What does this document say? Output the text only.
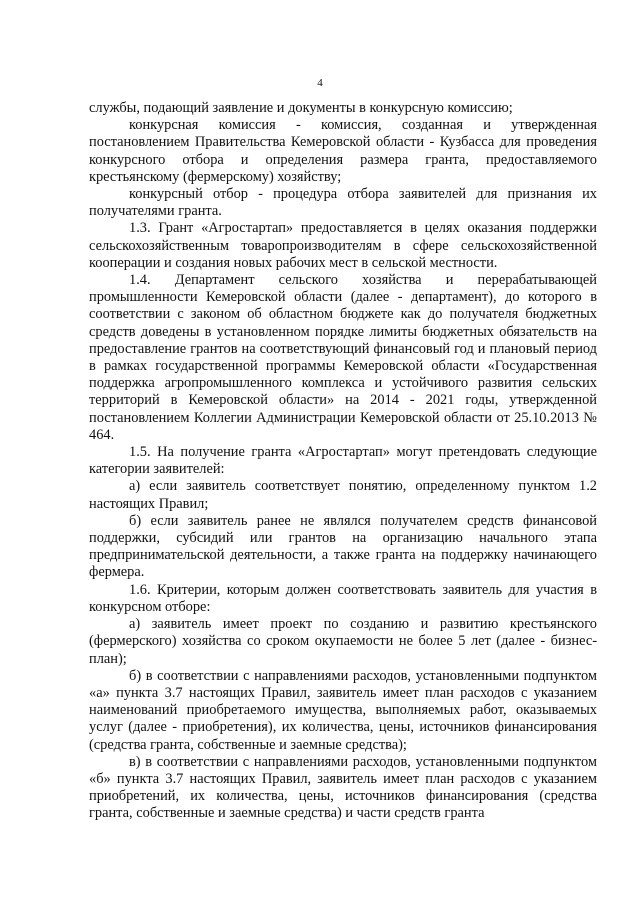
4

службы, подающий заявление и документы в конкурсную комиссию;

конкурсная комиссия - комиссия, созданная и утвержденная постановлением Правительства Кемеровской области - Кузбасса для проведения конкурсного отбора и определения размера гранта, предоставляемого крестьянскому (фермерскому) хозяйству;

конкурсный отбор - процедура отбора заявителей для признания их получателями гранта.

1.3. Грант «Агростартап» предоставляется в целях оказания поддержки сельскохозяйственным товаропроизводителям в сфере сельскохозяйственной кооперации и создания новых рабочих мест в сельской местности.

1.4. Департамент сельского хозяйства и перерабатывающей промышленности Кемеровской области (далее - департамент), до которого в соответствии с законом об областном бюджете как до получателя бюджетных средств доведены в установленном порядке лимиты бюджетных обязательств на предоставление грантов на соответствующий финансовый год и плановый период в рамках государственной программы Кемеровской области «Государственная поддержка агропромышленного комплекса и устойчивого развития сельских территорий в Кемеровской области» на 2014 - 2021 годы, утвержденной постановлением Коллегии Администрации Кемеровской области от 25.10.2013 № 464.

1.5. На получение гранта «Агростартап» могут претендовать следующие категории заявителей:

а) если заявитель соответствует понятию, определенному пунктом 1.2 настоящих Правил;

б) если заявитель ранее не являлся получателем средств финансовой поддержки, субсидий или грантов на организацию начального этапа предпринимательской деятельности, а также гранта на поддержку начинающего фермера.

1.6. Критерии, которым должен соответствовать заявитель для участия в конкурсном отборе:

а) заявитель имеет проект по созданию и развитию крестьянского (фермерского) хозяйства со сроком окупаемости не более 5 лет (далее - бизнес-план);

б) в соответствии с направлениями расходов, установленными подпунктом «а» пункта 3.7 настоящих Правил, заявитель имеет план расходов с указанием наименований приобретаемого имущества, выполняемых работ, оказываемых услуг (далее - приобретения), их количества, цены, источников финансирования (средства гранта, собственные и заемные средства);

в) в соответствии с направлениями расходов, установленными подпунктом «б» пункта 3.7 настоящих Правил, заявитель имеет план расходов с указанием приобретений, их количества, цены, источников финансирования (средства гранта, собственные и заемные средства) и части средств гранта
